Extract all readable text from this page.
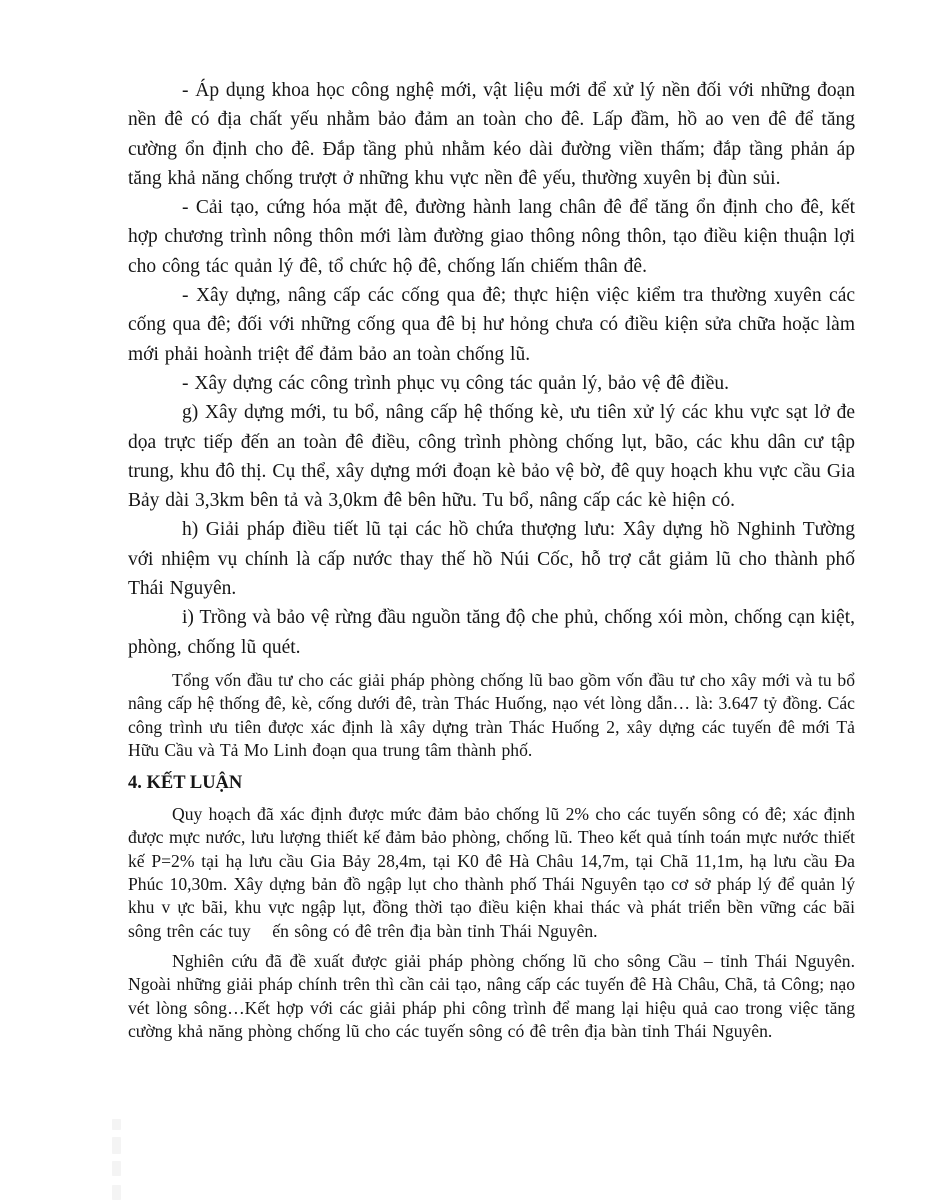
- Áp dụng khoa học công nghệ mới, vật liệu mới để xử lý nền đối với những đoạn nền đê có địa chất yếu nhằm bảo đảm an toàn cho đê. Lấp đầm, hồ ao ven đê để tăng cường ổn định cho đê. Đắp tầng phủ nhằm kéo dài đường viền thấm; đắp tầng phản áp tăng khả năng chống trượt ở những khu vực nền đê yếu, thường xuyên bị đùn sủi.

- Cải tạo, cứng hóa mặt đê, đường hành lang chân đê để tăng ổn định cho đê, kết hợp chương trình nông thôn mới làm đường giao thông nông thôn, tạo điều kiện thuận lợi cho công tác quản lý đê, tổ chức hộ đê, chống lấn chiếm thân đê.

- Xây dựng, nâng cấp các cống qua đê; thực hiện việc kiểm tra thường xuyên các cống qua đê; đối với những cống qua đê bị hư hỏng chưa có điều kiện sửa chữa hoặc làm mới phải hoành triệt để đảm bảo an toàn chống lũ.

- Xây dựng các công trình phục vụ công tác quản lý, bảo vệ đê điều.

g) Xây dựng mới, tu bổ, nâng cấp hệ thống kè, ưu tiên xử lý các khu vực sạt lở đe dọa trực tiếp đến an toàn đê điều, công trình phòng chống lụt, bão, các khu dân cư tập trung, khu đô thị. Cụ thể, xây dựng mới đoạn kè bảo vệ bờ, đê quy hoạch khu vực cầu Gia Bảy dài 3,3km bên tả và 3,0km đê bên hữu. Tu bổ, nâng cấp các kè hiện có.

h) Giải pháp điều tiết lũ tại các hồ chứa thượng lưu: Xây dựng hồ Nghinh Tường với nhiệm vụ chính là cấp nước thay thế hồ Núi Cốc, hỗ trợ cắt giảm lũ cho thành phố Thái Nguyên.

i) Trồng và bảo vệ rừng đầu nguồn tăng độ che phủ, chống xói mòn, chống cạn kiệt, phòng, chống lũ quét.

Tổng vốn đầu tư cho các giải pháp phòng chống lũ bao gồm vốn đầu tư cho xây mới và tu bổ nâng cấp hệ thống đê, kè, cống dưới đê, tràn Thác Huống, nạo vét lòng dẫn… là: 3.647 tỷ đồng. Các công trình ưu tiên được xác định là xây dựng tràn Thác Huống 2, xây dựng các tuyến đê mới Tả Hữu Cầu và Tả Mo Linh đoạn qua trung tâm thành phố.

4. KẾT LUẬN

Quy hoạch đã xác định được mức đảm bảo chống lũ 2% cho các tuyến sông có đê; xác định được mực nước, lưu lượng thiết kế đảm bảo phòng, chống lũ. Theo kết quả tính toán mực nước thiết kế P=2% tại hạ lưu cầu Gia Bảy 28,4m, tại K0 đê Hà Châu 14,7m, tại Chã 11,1m, hạ lưu cầu Đa Phúc 10,30m. Xây dựng bản đồ ngập lụt cho thành phố Thái Nguyên tạo cơ sở pháp lý để quản lý khu v ực bãi, khu vực ngập lụt, đồng thời tạo điều kiện khai thác và phát triển bền vững các bãi sông trên các tuy    ến sông có đê trên địa bàn tỉnh Thái Nguyên.

Nghiên cứu đã đề xuất được giải pháp phòng chống lũ cho sông Cầu – tỉnh Thái Nguyên. Ngoài những giải pháp chính trên thì cần cải tạo, nâng cấp các tuyến đê Hà Châu, Chã, tả Công; nạo vét lòng sông…Kết hợp với các giải pháp phi công trình để mang lại hiệu quả cao trong việc tăng cường khả năng phòng chống lũ cho các tuyến sông có đê trên địa bàn tỉnh Thái Nguyên.
